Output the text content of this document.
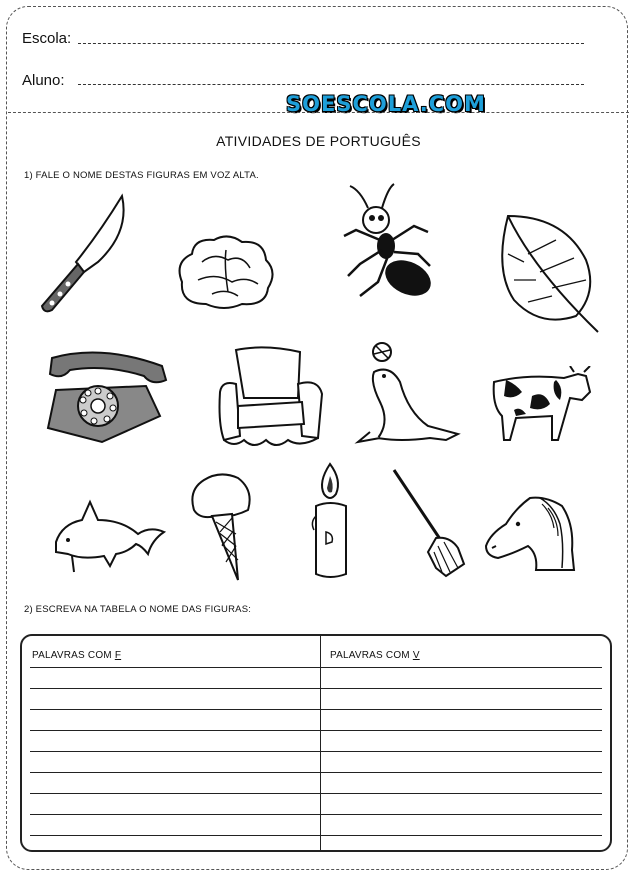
Escola:
Aluno:
SOESCOLA.COM
ATIVIDADES DE PORTUGUÊS
1) FALE O NOME DESTAS FIGURAS EM VOZ ALTA.
2) ESCREVA NA TABELA O NOME DAS FIGURAS:
PALAVRAS COM F	PALAVRAS COM V
